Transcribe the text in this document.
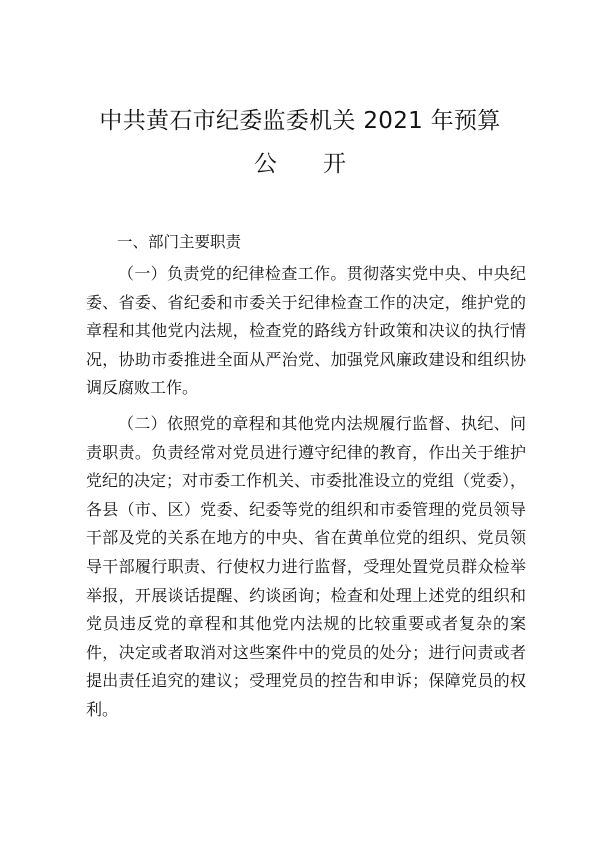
中共黄石市纪委监委机关 2021 年预算
公 开
一、部门主要职责

（一）负责党的纪律检查工作。贯彻落实党中央、中央纪委、省委、省纪委和市委关于纪律检查工作的决定，维护党的章程和其他党内法规，检查党的路线方针政策和决议的执行情况，协助市委推进全面从严治党、加强党风廉政建设和组织协调反腐败工作。

（二）依照党的章程和其他党内法规履行监督、执纪、问责职责。负责经常对党员进行遵守纪律的教育，作出关于维护党纪的决定；对市委工作机关、市委批准设立的党组（党委），各县（市、区）党委、纪委等党的组织和市委管理的党员领导干部及党的关系在地方的中央、省在黄单位党的组织、党员领导干部履行职责、行使权力进行监督，受理处置党员群众检举举报，开展谈话提醒、约谈函询；检查和处理上述党的组织和党员违反党的章程和其他党内法规的比较重要或者复杂的案件，决定或者取消对这些案件中的党员的处分；进行问责或者提出责任追究的建议；受理党员的控告和申诉；保障党员的权利。
